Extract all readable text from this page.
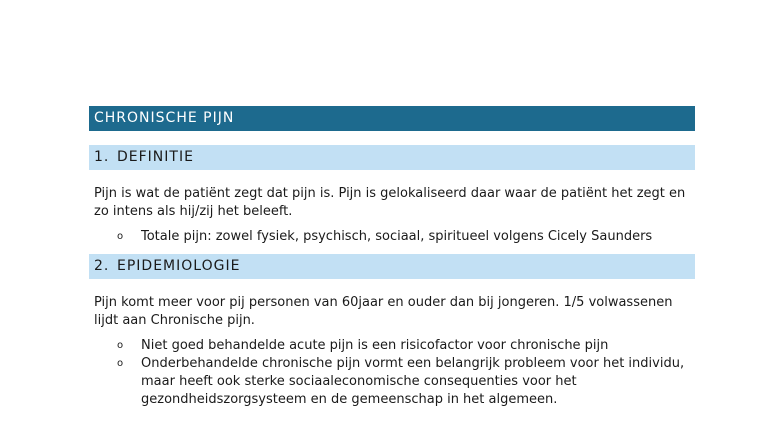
CHRONISCHE PIJN
1. DEFINITIE

Pijn is wat de patiënt zegt dat pijn is. Pijn is gelokaliseerd daar waar de patiënt het zegt en zo intens als hij/zij het beleeft.

o Totale pijn: zowel fysiek, psychisch, sociaal, spiritueel volgens Cicely Saunders
2. EPIDEMIOLOGIE

Pijn komt meer voor pij personen van 60jaar en ouder dan bij jongeren. 1/5 volwassenen lijdt aan Chronische pijn.

o Niet goed behandelde acute pijn is een risicofactor voor chronische pijn
o Onderbehandelde chronische pijn vormt een belangrijk probleem voor het individu, maar heeft ook sterke sociaaleconomische consequenties voor het gezondheidszorgsysteem en de gemeenschap in het algemeen.
